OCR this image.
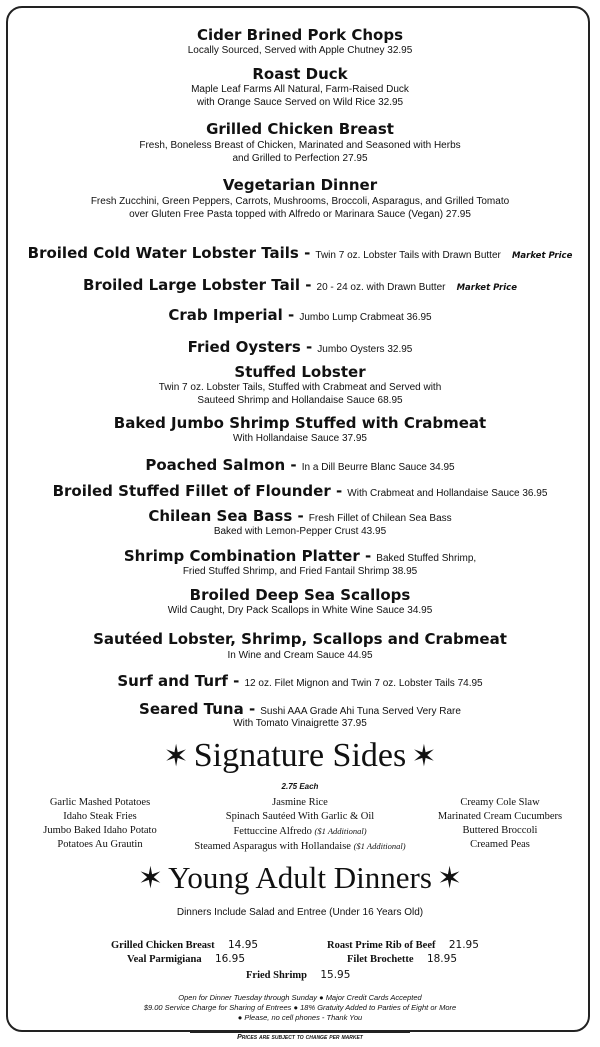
Cider Brined Pork Chops
Locally Sourced, Served with Apple Chutney 32.95
Roast Duck
Maple Leaf Farms All Natural, Farm-Raised Duck
with Orange Sauce Served on Wild Rice 32.95
Grilled Chicken Breast
Fresh, Boneless Breast of Chicken, Marinated and Seasoned with Herbs
and Grilled to Perfection 27.95
Vegetarian Dinner
Fresh Zucchini, Green Peppers, Carrots, Mushrooms, Broccoli, Asparagus, and Grilled Tomato
over Gluten Free Pasta topped with Alfredo or Marinara Sauce (Vegan) 27.95
Broiled Cold Water Lobster Tails - Twin 7 oz. Lobster Tails with Drawn Butter Market Price
Broiled Large Lobster Tail - 20 - 24 oz. with Drawn Butter Market Price
Crab Imperial - Jumbo Lump Crabmeat 36.95
Fried Oysters - Jumbo Oysters 32.95
Stuffed Lobster
Twin 7 oz. Lobster Tails, Stuffed with Crabmeat and Served with
Sauteed Shrimp and Hollandaise Sauce 68.95
Baked Jumbo Shrimp Stuffed with Crabmeat
With Hollandaise Sauce 37.95
Poached Salmon - In a Dill Beurre Blanc Sauce 34.95
Broiled Stuffed Fillet of Flounder - With Crabmeat and Hollandaise Sauce 36.95
Chilean Sea Bass - Fresh Fillet of Chilean Sea Bass
Baked with Lemon-Pepper Crust 43.95
Shrimp Combination Platter - Baked Stuffed Shrimp,
Fried Stuffed Shrimp, and Fried Fantail Shrimp 38.95
Broiled Deep Sea Scallops
Wild Caught, Dry Pack Scallops in White Wine Sauce 34.95
Sautéed Lobster, Shrimp, Scallops and Crabmeat
In Wine and Cream Sauce 44.95
Surf and Turf - 12 oz. Filet Mignon and Twin 7 oz. Lobster Tails 74.95
Seared Tuna - Sushi AAA Grade Ahi Tuna Served Very Rare
With Tomato Vinaigrette 37.95
✶ Signature Sides ✶
2.75 Each
Garlic Mashed Potatoes
Idaho Steak Fries
Jumbo Baked Idaho Potato
Potatoes Au Grautin
Jasmine Rice
Spinach Sautéed With Garlic & Oil
Fettuccine Alfredo ($1 Additional)
Steamed Asparagus with Hollandaise ($1 Additional)
Creamy Cole Slaw
Marinated Cream Cucumbers
Buttered Broccoli
Creamed Peas
✶ Young Adult Dinners ✶
Dinners Include Salad and Entree (Under 16 Years Old)
Grilled Chicken Breast 14.95	Roast Prime Rib of Beef 21.95
Veal Parmigiana 16.95	Filet Brochette 18.95
Fried Shrimp 15.95
Open for Dinner Tuesday through Sunday ● Major Credit Cards Accepted
$9.00 Service Charge for Sharing of Entrees ● 18% Gratuity Added to Parties of Eight or More
● Please, no cell phones - Thank You
Prices are subject to change per market
